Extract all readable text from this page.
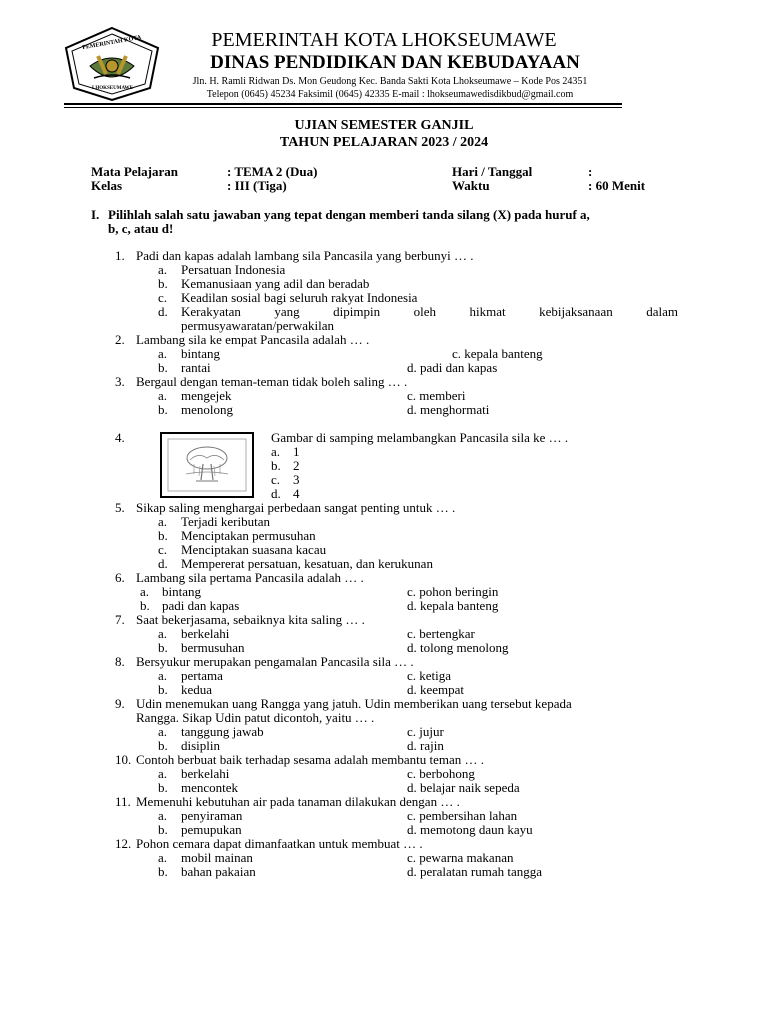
PEMERINTAH KOTA
LHOKSEUMAWE
PEMERINTAH KOTA LHOKSEUMAWE
DINAS PENDIDIKAN DAN KEBUDAYAAN
Jln. H. Ramli Ridwan Ds. Mon Geudong Kec. Banda Sakti Kota Lhokseumawe – Kode Pos 24351
Telepon (0645) 45234 Faksimil (0645) 42335 E-mail : lhokseumawedisdikbud@gmail.com
UJIAN SEMESTER GANJIL
TAHUN PELAJARAN 2023 / 2024
Mata Pelajaran	: TEMA 2 (Dua)	Hari / Tanggal	:
Kelas	: III (Tiga)	Waktu	: 60 Menit
I. Pilihlah salah satu jawaban yang tepat dengan memberi tanda silang (X) pada huruf a,
b, c, atau d!
1. Padi dan kapas adalah lambang sila Pancasila yang berbunyi … .
a. Persatuan Indonesia
b. Kemanusiaan yang adil dan beradab
c. Keadilan sosial bagi seluruh rakyat Indonesia
d. Kerakyatan	yang	dipimpin	oleh	hikmat	kebijaksanaan	dalam
permusyawaratan/perwakilan
2. Lambang sila ke empat Pancasila adalah … .
a. bintang	c. kepala banteng
b. rantai	d. padi dan kapas
3. Bergaul dengan teman-teman tidak boleh saling … .
a. mengejek	c. memberi
b. menolong	d. menghormati
4.	Gambar di samping melambangkan Pancasila sila ke … .
a. 1
b. 2
c. 3
d. 4
5. Sikap saling menghargai perbedaan sangat penting untuk … .
a. Terjadi keributan
b. Menciptakan permusuhan
c. Menciptakan suasana kacau
d. Mempererat persatuan, kesatuan, dan kerukunan
6. Lambang sila pertama Pancasila adalah … .
a. bintang	c. pohon beringin
b. padi dan kapas	d. kepala banteng
7. Saat bekerjasama, sebaiknya kita saling … .
a. berkelahi	c. bertengkar
b. bermusuhan	d. tolong menolong
8. Bersyukur merupakan pengamalan Pancasila sila … .
a. pertama	c. ketiga
b. kedua	d. keempat
9. Udin menemukan uang Rangga yang jatuh. Udin memberikan uang tersebut kepada
Rangga. Sikap Udin patut dicontoh, yaitu … .
a. tanggung jawab	c. jujur
b. disiplin	d. rajin
10. Contoh berbuat baik terhadap sesama adalah membantu teman … .
a. berkelahi	c. berbohong
b. mencontek	d. belajar naik sepeda
11. Memenuhi kebutuhan air pada tanaman dilakukan dengan … .
a. penyiraman	c. pembersihan lahan
b. pemupukan	d. memotong daun kayu
12. Pohon cemara dapat dimanfaatkan untuk membuat … .
a. mobil mainan	c. pewarna makanan
b. bahan pakaian	d. peralatan rumah tangga
